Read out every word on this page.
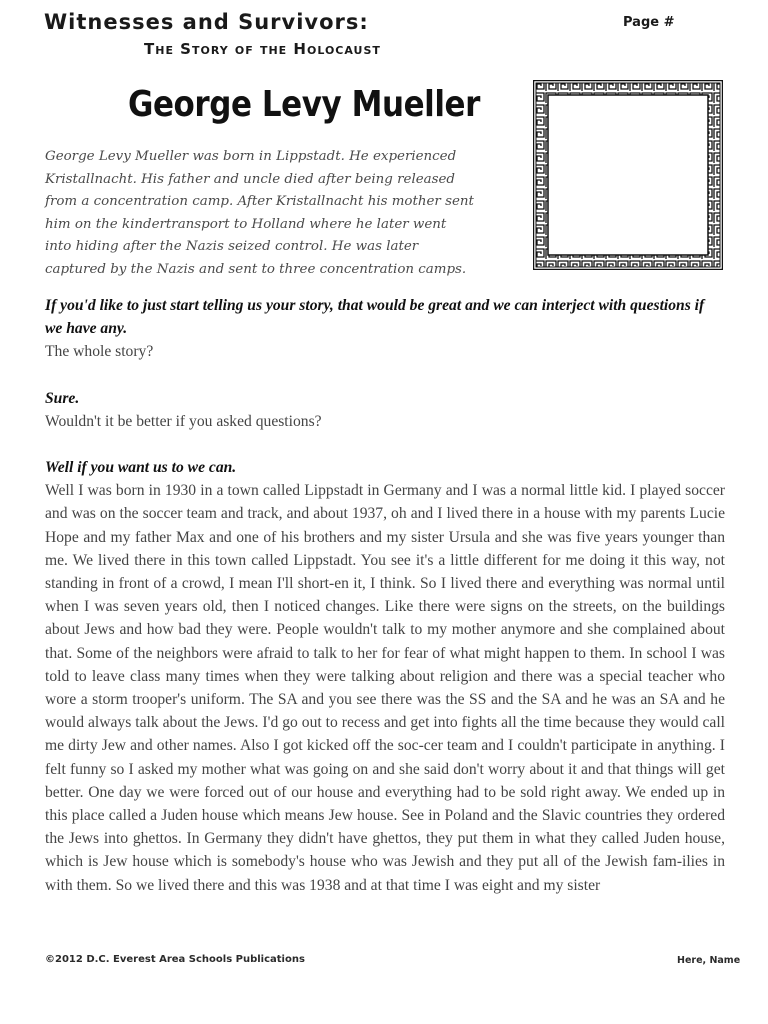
Witnesses and Survivors:
The Story of the Holocaust
Page #
George Levy Mueller

George Levy Mueller was born in Lippstadt. He experienced Kristallnacht. His father and uncle died after being released from a concentration camp. After Kristallnacht his mother sent him on the kindertransport to Holland where he later went into hiding after the Nazis seized control. He was later captured by the Nazis and sent to three concentration camps.

If you'd like to just start telling us your story, that would be great and we can interject with questions if we have any.

The whole story?

Sure.

Wouldn't it be better if you asked questions?

Well if you want us to we can.

Well I was born in 1930 in a town called Lippstadt in Germany and I was a normal little kid. I played soccer and was on the soccer team and track, and about 1937, oh and I lived there in a house with my parents Lucie Hope and my father Max and one of his brothers and my sister Ursula and she was five years younger than me. We lived there in this town called Lippstadt. You see it's a little different for me doing it this way, not standing in front of a crowd, I mean I'll short-en it, I think. So I lived there and everything was normal until when I was seven years old, then I noticed changes. Like there were signs on the streets, on the buildings about Jews and how bad they were. People wouldn't talk to my mother anymore and she complained about that. Some of the neighbors were afraid to talk to her for fear of what might happen to them. In school I was told to leave class many times when they were talking about religion and there was a special teacher who wore a storm trooper's uniform. The SA and you see there was the SS and the SA and he was an SA and he would always talk about the Jews. I'd go out to recess and get into fights all the time because they would call me dirty Jew and other names. Also I got kicked off the soc-cer team and I couldn't participate in anything. I felt funny so I asked my mother what was going on and she said don't worry about it and that things will get better. One day we were forced out of our house and everything had to be sold right away. We ended up in this place called a Juden house which means Jew house. See in Poland and the Slavic countries they ordered the Jews into ghettos. In Germany they didn't have ghettos, they put them in what they called Juden house, which is Jew house which is somebody's house who was Jewish and they put all of the Jewish fam-ilies in with them. So we lived there and this was 1938 and at that time I was eight and my sister

©2012 D.C. Everest Area Schools Publications	Here, Name
